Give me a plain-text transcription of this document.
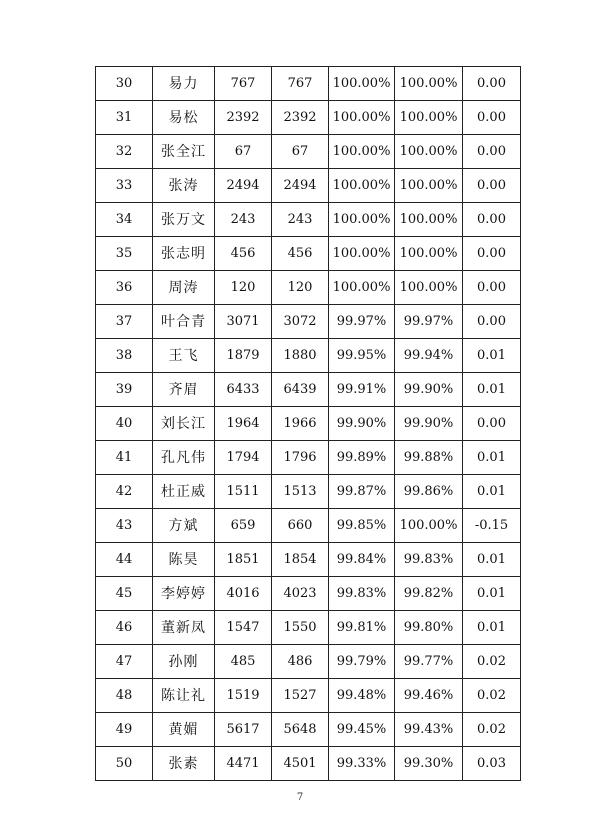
30	易力	767	767	100.00%	100.00%	0.00
31	易松	2392	2392	100.00%	100.00%	0.00
32	张全江	67	67	100.00%	100.00%	0.00
33	张涛	2494	2494	100.00%	100.00%	0.00
34	张万文	243	243	100.00%	100.00%	0.00
35	张志明	456	456	100.00%	100.00%	0.00
36	周涛	120	120	100.00%	100.00%	0.00
37	叶合青	3071	3072	99.97%	99.97%	0.00
38	王飞	1879	1880	99.95%	99.94%	0.01
39	齐眉	6433	6439	99.91%	99.90%	0.01
40	刘长江	1964	1966	99.90%	99.90%	0.00
41	孔凡伟	1794	1796	99.89%	99.88%	0.01
42	杜正威	1511	1513	99.87%	99.86%	0.01
43	方斌	659	660	99.85%	100.00%	-0.15
44	陈昊	1851	1854	99.84%	99.83%	0.01
45	李婷婷	4016	4023	99.83%	99.82%	0.01
46	董新凤	1547	1550	99.81%	99.80%	0.01
47	孙刚	485	486	99.79%	99.77%	0.02
48	陈让礼	1519	1527	99.48%	99.46%	0.02
49	黄媚	5617	5648	99.45%	99.43%	0.02
50	张素	4471	4501	99.33%	99.30%	0.03
7
